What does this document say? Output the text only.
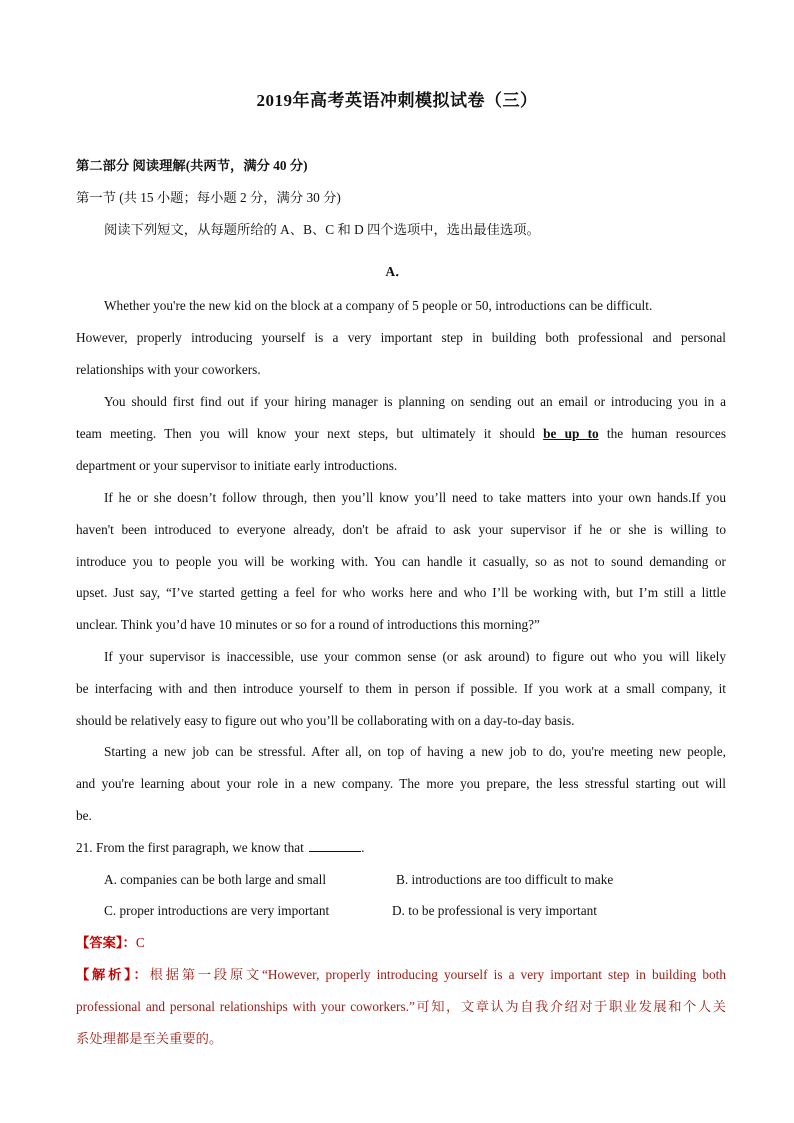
2019年高考英语冲刺模拟试卷（三）
第二部分 阅读理解(共两节，满分 40 分)
第一节 (共 15 小题；每小题 2 分，满分 30 分)
阅读下列短文，从每题所给的 A、B、C 和 D 四个选项中，选出最佳选项。
A．
Whether you're the new kid on the block at a company of 5 people or 50, introductions can be difficult.
However, properly introducing yourself is a very important step in building both professional and personal
relationships with your coworkers.
You should first find out if your hiring manager is planning on sending out an email or introducing you in a
team meeting. Then you will know your next steps, but ultimately it should be up to the human resources
department or your supervisor to initiate early introductions.
If he or she doesn’t follow through, then you’ll know you’ll need to take matters into your own hands.If you
haven't been introduced to everyone already, don't be afraid to ask your supervisor if he or she is willing to
introduce you to people you will be working with. You can handle it casually, so as not to sound demanding or
upset. Just say, “I’ve started getting a feel for who works here and who I’ll be working with, but I’m still a little
unclear. Think you’d have 10 minutes or so for a round of introductions this morning?”
If your supervisor is inaccessible, use your common sense (or ask around) to figure out who you will likely
be interfacing with and then introduce yourself to them in person if possible. If you work at a small company, it
should be relatively easy to figure out who you’ll be collaborating with on a day-to-day basis.
Starting a new job can be stressful. After all, on top of having a new job to do, you're meeting new people,
and you're learning about your role in a new company. The more you prepare, the less stressful starting out will
be.
21. From the first paragraph, we know that	.
A. companies can be both large and small	B. introductions are too difficult to make
C. proper introductions are very important	D. to be professional is very important
【答案】：C
【解析】：根据第一段原文“However, properly introducing yourself is a very important step in building both
professional and personal relationships with your coworkers.”可知，文章认为自我介绍对于职业发展和个人关
系处理都是至关重要的。
